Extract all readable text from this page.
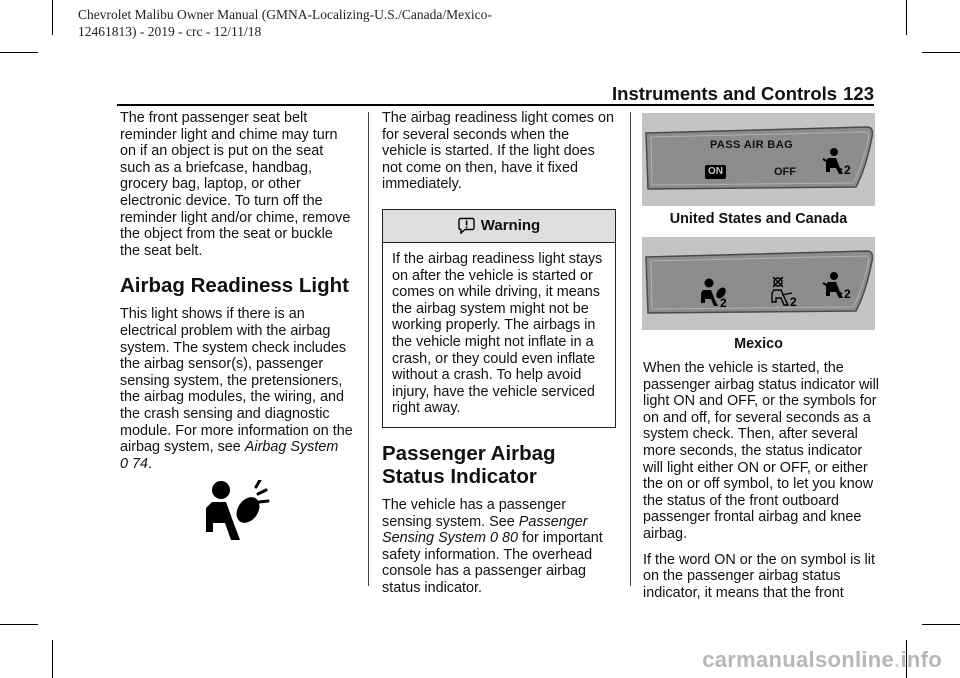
Chevrolet Malibu Owner Manual (GMNA-Localizing-U.S./Canada/Mexico-
12461813) - 2019 - crc - 12/11/18
Instruments and Controls 123

The front passenger seat belt reminder light and chime may turn on if an object is put on the seat such as a briefcase, handbag, grocery bag, laptop, or other electronic device. To turn off the reminder light and/or chime, remove the object from the seat or buckle the seat belt.

Airbag Readiness Light

This light shows if there is an electrical problem with the airbag system. The system check includes the airbag sensor(s), passenger sensing system, the pretensioners, the airbag modules, the wiring, and the crash sensing and diagnostic module. For more information on the airbag system, see Airbag System
0 74.

The airbag readiness light comes on for several seconds when the vehicle is started. If the light does not come on then, have it fixed immediately.

Warning
If the airbag readiness light stays on after the vehicle is started or comes on while driving, it means the airbag system might not be working properly. The airbags in the vehicle might not inflate in a crash, or they could even inflate without a crash. To help avoid injury, have the vehicle serviced right away.
Passenger Airbag Status Indicator

The vehicle has a passenger sensing system. See Passenger Sensing System 0 80 for important safety information. The overhead console has a passenger airbag status indicator.

2
PASS AIR BAG
ON	OFF
United States and Canada
2	2
2
Mexico

When the vehicle is started, the passenger airbag status indicator will light ON and OFF, or the symbols for on and off, for several seconds as a system check. Then, after several more seconds, the status indicator will light either ON or OFF, or either the on or off symbol, to let you know the status of the front outboard passenger frontal airbag and knee airbag.

If the word ON or the on symbol is lit on the passenger airbag status indicator, it means that the front

carmanualsonline.info
